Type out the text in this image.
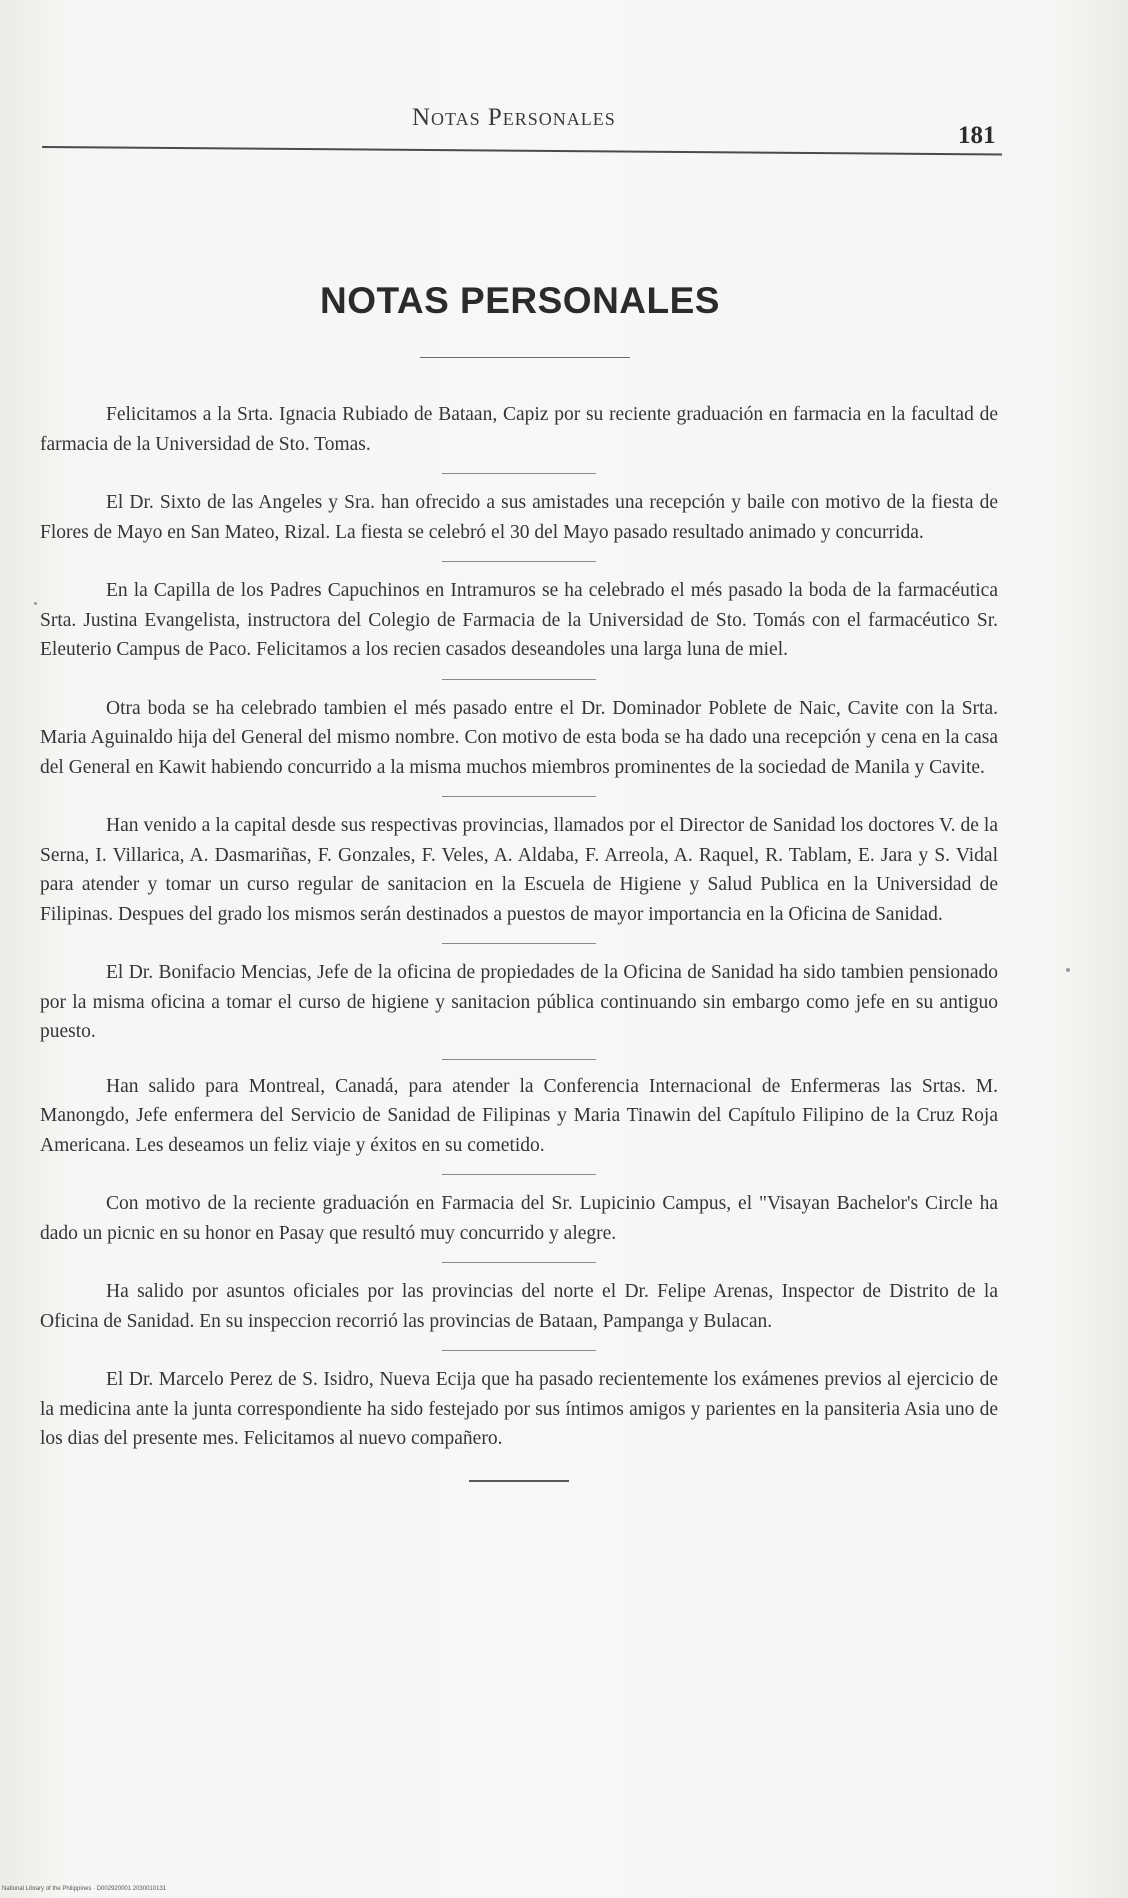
Notas Personales
181
NOTAS PERSONALES

Felicitamos a la Srta. Ignacia Rubiado de Bataan, Capiz por su reciente graduación en farmacia en la facultad de farmacia de la Universidad de Sto. Tomas.

El Dr. Sixto de las Angeles y Sra. han ofrecido a sus amistades una recepción y baile con motivo de la fiesta de Flores de Mayo en San Mateo, Rizal. La fiesta se celebró el 30 del Mayo pasado resultado animado y concurrida.

En la Capilla de los Padres Capuchinos en Intramuros se ha celebrado el més pasado la boda de la farmacéutica Srta. Justina Evangelista, instructora del Colegio de Farmacia de la Universidad de Sto. Tomás con el farmacéutico Sr. Eleuterio Campus de Paco. Felicitamos a los recien casados deseandoles una larga luna de miel.

Otra boda se ha celebrado tambien el més pasado entre el Dr. Dominador Poblete de Naic, Cavite con la Srta. Maria Aguinaldo hija del General del mismo nombre. Con motivo de esta boda se ha dado una recepción y cena en la casa del General en Kawit habiendo concurrido a la misma muchos miembros prominentes de la sociedad de Manila y Cavite.

Han venido a la capital desde sus respectivas provincias, llamados por el Director de Sanidad los doctores V. de la Serna, I. Villarica, A. Dasmariñas, F. Gonzales, F. Veles, A. Aldaba, F. Arreola, A. Raquel, R. Tablam, E. Jara y S. Vidal para atender y tomar un curso regular de sanitacion en la Escuela de Higiene y Salud Publica en la Universidad de Filipinas. Despues del grado los mismos serán destinados a puestos de mayor importancia en la Oficina de Sanidad.

El Dr. Bonifacio Mencias, Jefe de la oficina de propiedades de la Oficina de Sanidad ha sido tambien pensionado por la misma oficina a tomar el curso de higiene y sanitacion pública continuando sin embargo como jefe en su antiguo puesto.

Han salido para Montreal, Canadá, para atender la Conferencia Internacional de Enfermeras las Srtas. M. Manongdo, Jefe enfermera del Servicio de Sanidad de Filipinas y Maria Tinawin del Capítulo Filipino de la Cruz Roja Americana. Les deseamos un feliz viaje y éxitos en su cometido.

Con motivo de la reciente graduación en Farmacia del Sr. Lupicinio Campus, el "Visayan Bachelor's Circle ha dado un picnic en su honor en Pasay que resultó muy concurrido y alegre.

Ha salido por asuntos oficiales por las provincias del norte el Dr. Felipe Arenas, Inspector de Distrito de la Oficina de Sanidad. En su inspeccion recorrió las provincias de Bataan, Pampanga y Bulacan.

El Dr. Marcelo Perez de S. Isidro, Nueva Ecija que ha pasado recientemente los exámenes previos al ejercicio de la medicina ante la junta correspondiente ha sido festejado por sus íntimos amigos y parientes en la pansiteria Asia uno de los dias del presente mes. Felicitamos al nuevo compañero.

National Library of the Philippines · D002920001 2030010131
